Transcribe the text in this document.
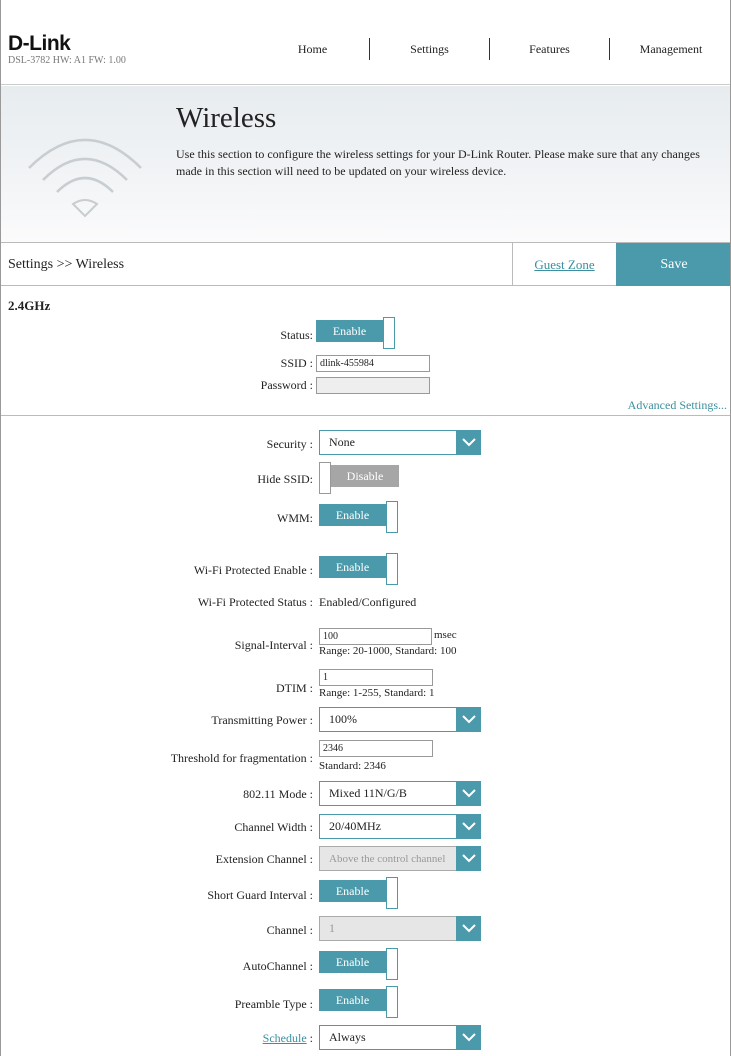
D-Link
DSL-3782 HW: A1 FW: 1.00
Home	Settings	Features	Management
Wireless
Use this section to configure the wireless settings for your D-Link Router. Please make sure that any changes made in this section will need to be updated on your wireless device.
Settings >> Wireless	Guest Zone	Save
2.4GHz
Status:	Enable
SSID :
dlink-455984
Password :
Advanced Settings...
Security : None
Hide SSID:	Disable
WMM:	Enable
Wi-Fi Protected Enable :	Enable
Wi-Fi Protected Status : Enabled/Configured
Signal-Interval :
100
msec
Range: 20-1000, Standard: 100
DTIM :
1 Range: 1-255, Standard: 1
Transmitting Power : 100%
Threshold for fragmentation :
2346
Standard: 2346
802.11 Mode : Mixed 11N/G/B
Channel Width : 20/40MHz
Extension Channel : Above the control channel
Short Guard Interval :	Enable
Channel : 1
AutoChannel :	Enable
Preamble Type :	Enable
Schedule : Always
